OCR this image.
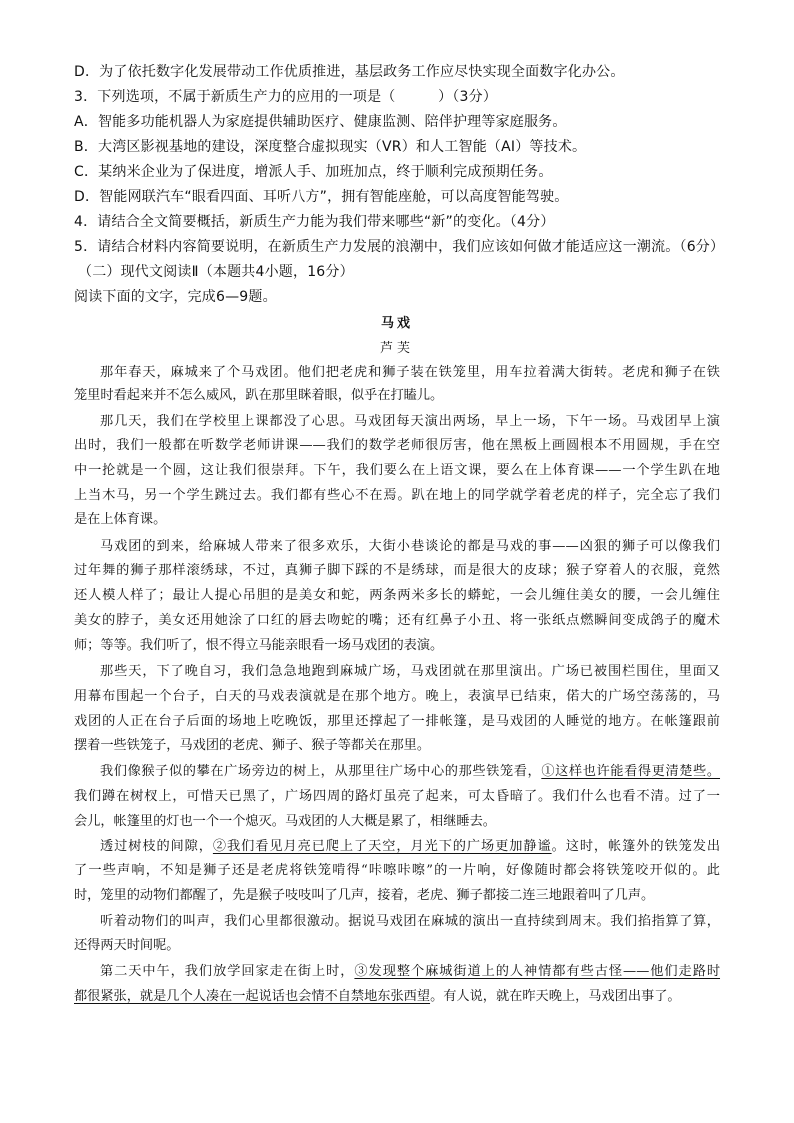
D．为了依托数字化发展带动工作优质推进，基层政务工作应尽快实现全面数字化办公。
3．下列选项，不属于新质生产力的应用的一项是（　　　）（3分）
A．智能多功能机器人为家庭提供辅助医疗、健康监测、陪伴护理等家庭服务。
B．大湾区影视基地的建设，深度整合虚拟现实（VR）和人工智能（AI）等技术。
C．某纳米企业为了保进度，增派人手、加班加点，终于顺利完成预期任务。
D．智能网联汽车“眼看四面、耳听八方”，拥有智能座舱，可以高度智能驾驶。
4．请结合全文简要概括，新质生产力能为我们带来哪些“新”的变化。（4分）
5．请结合材料内容简要说明，在新质生产力发展的浪潮中，我们应该如何做才能适应这一潮流。（6分）
（二）现代文阅读Ⅱ（本题共4小题，16分）
阅读下面的文字，完成6—9题。
马戏
芦芙
那年春天，麻城来了个马戏团。他们把老虎和狮子装在铁笼里，用车拉着满大街转。老虎和狮子在铁
笼里时看起来并不怎么威风，趴在那里眯着眼，似乎在打瞌儿。
那几天，我们在学校里上课都没了心思。马戏团每天演出两场，早上一场，下午一场。马戏团早上演
出时，我们一般都在听数学老师讲课——我们的数学老师很厉害，他在黑板上画圆根本不用圆规，手在空
中一抡就是一个圆，这让我们很崇拜。下午，我们要么在上语文课，要么在上体育课——一个学生趴在地
上当木马，另一个学生跳过去。我们都有些心不在焉。趴在地上的同学就学着老虎的样子，完全忘了我们
是在上体育课。
马戏团的到来，给麻城人带来了很多欢乐，大街小巷谈论的都是马戏的事——凶狠的狮子可以像我们
过年舞的狮子那样滚绣球，不过，真狮子脚下踩的不是绣球，而是很大的皮球；猴子穿着人的衣服，竟然
还人模人样了；最让人提心吊胆的是美女和蛇，两条两米多长的蟒蛇，一会儿缠住美女的腰，一会儿缠住
美女的脖子，美女还用她涂了口红的唇去吻蛇的嘴；还有红鼻子小丑、将一张纸点燃瞬间变成鸽子的魔术
师；等等。我们听了，恨不得立马能亲眼看一场马戏团的表演。
那些天，下了晚自习，我们急急地跑到麻城广场，马戏团就在那里演出。广场已被围栏围住，里面又
用幕布围起一个台子，白天的马戏表演就是在那个地方。晚上，表演早已结束，偌大的广场空荡荡的，马
戏团的人正在台子后面的场地上吃晚饭，那里还撑起了一排帐篷，是马戏团的人睡觉的地方。在帐篷跟前
摆着一些铁笼子，马戏团的老虎、狮子、猴子等都关在那里。
我们像猴子似的攀在广场旁边的树上，从那里往广场中心的那些铁笼看，①这样也许能看得更清楚些。
我们蹲在树杈上，可惜天已黑了，广场四周的路灯虽亮了起来，可太昏暗了。我们什么也看不清。过了一
会儿，帐篷里的灯也一个一个熄灭。马戏团的人大概是累了，相继睡去。
透过树枝的间隙，②我们看见月亮已爬上了天空，月光下的广场更加静谧。这时，帐篷外的铁笼发出
了一些声响，不知是狮子还是老虎将铁笼啃得“咔嚓咔嚓”的一片响，好像随时都会将铁笼咬开似的。此
时，笼里的动物们都醒了，先是猴子吱吱叫了几声，接着，老虎、狮子都接二连三地跟着叫了几声。
听着动物们的叫声，我们心里都很激动。据说马戏团在麻城的演出一直持续到周末。我们掐指算了算，
还得两天时间呢。
第二天中午，我们放学回家走在街上时，③发现整个麻城街道上的人神情都有些古怪——他们走路时
都很紧张，就是几个人凑在一起说话也会情不自禁地东张西望。有人说，就在昨天晚上，马戏团出事了。
